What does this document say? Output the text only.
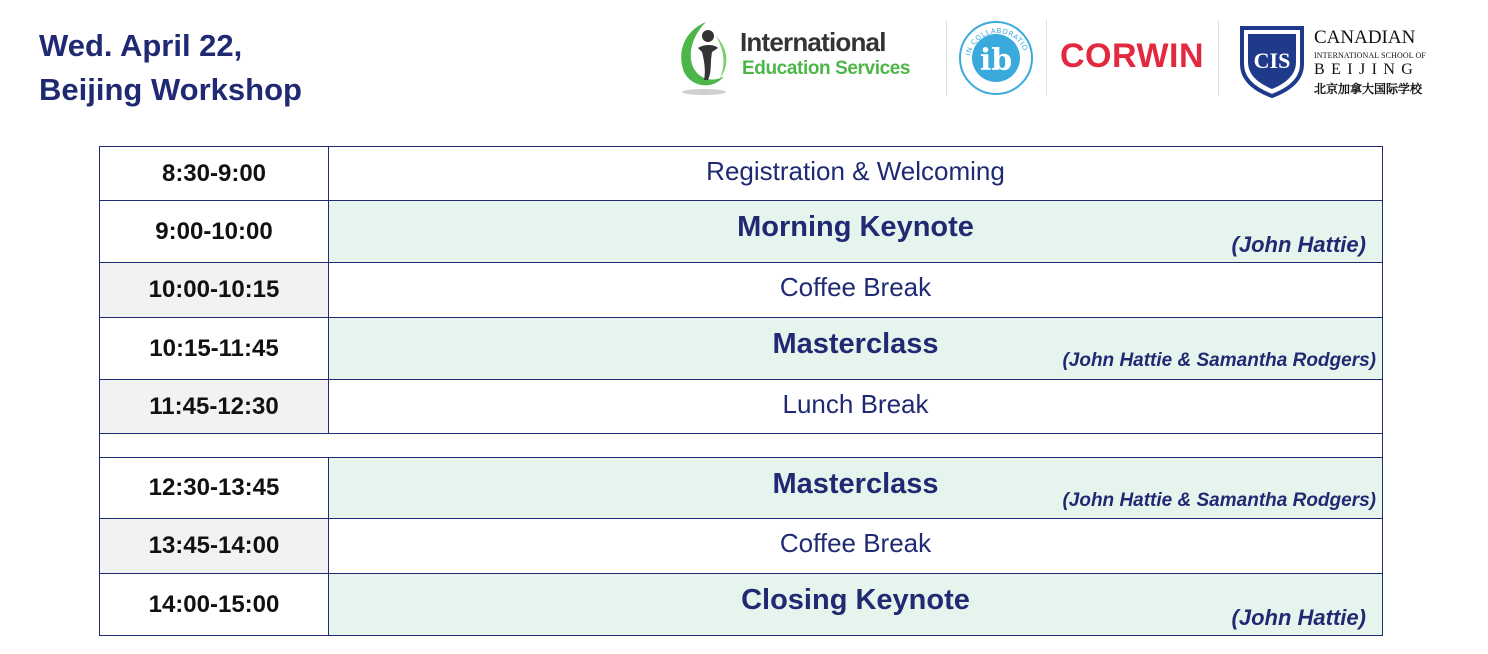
Wed. April 22,
Beijing Workshop
International
Education Services ib
IN COLLABORATIO CORWIN CIS
CANADIAN
INTERNATIONAL SCHOOL OF
BEIJING
北京加拿大国际学校
8:30-9:00	Registration & Welcoming

9:00-10:00	Morning Keynote
(John Hattie)

10:00-10:15	Coffee Break

10:15-11:45	Masterclass
(John Hattie & Samantha Rodgers)

11:45-12:30	Lunch Break

12:30-13:45	Masterclass
(John Hattie & Samantha Rodgers)

13:45-14:00	Coffee Break

14:00-15:00	Closing Keynote
(John Hattie)
